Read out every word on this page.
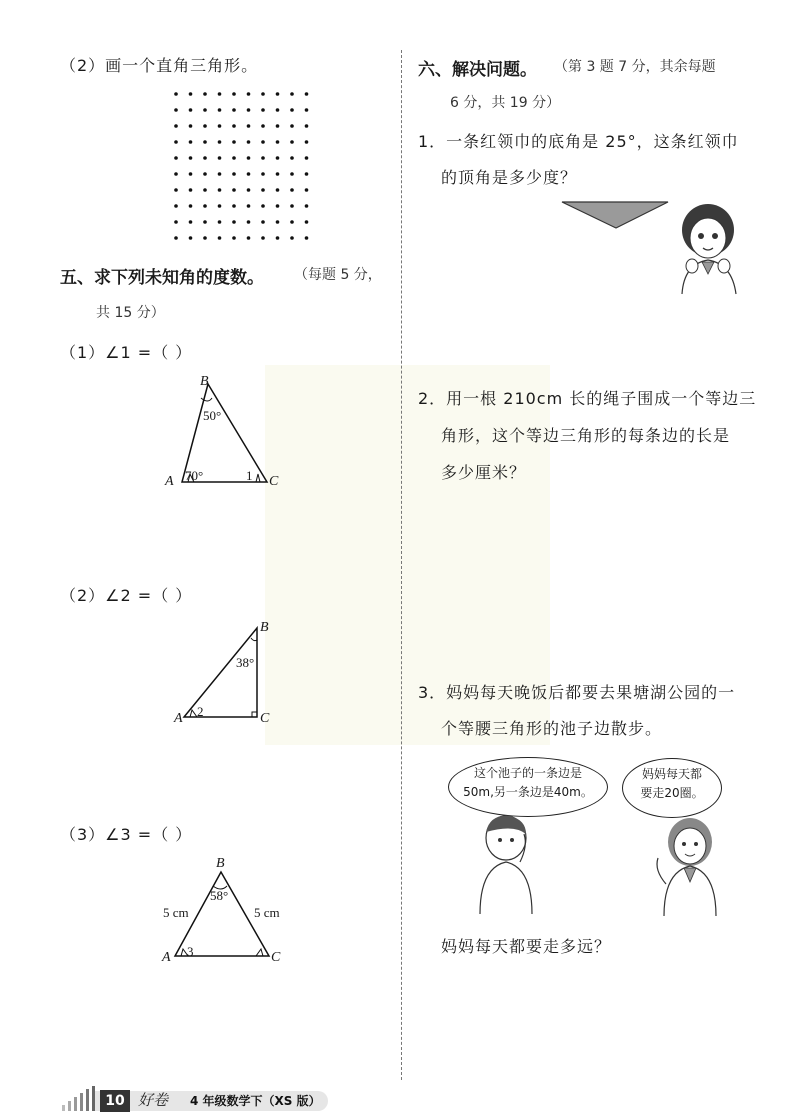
（2）画一个直角三角形。
五、求下列未知角的度数。 （每题 5 分，
共 15 分）
（1）∠1 =（ ）
B
50°
A 70°	1 C
（2）∠2 =（ ）
B
38°
A 2	C
（3）∠3 =（ ）
B
58°
5 cm	5 cm
A 3	C
六、解决问题。 （第 3 题 7 分，其余每题
6 分，共 19 分）
1．一条红领巾的底角是 25°，这条红领巾
的顶角是多少度？
2．用一根 210cm 长的绳子围成一个等边三
角形，这个等边三角形的每条边的长是
多少厘米？
3．妈妈每天晚饭后都要去果塘湖公园的一
个等腰三角形的池子边散步。
这个池子的一条边是
50m,另一条边是40m。
妈妈每天都
要走20圈。
妈妈每天都要走多远？
10 好卷 4 年级数学下（XS 版）
